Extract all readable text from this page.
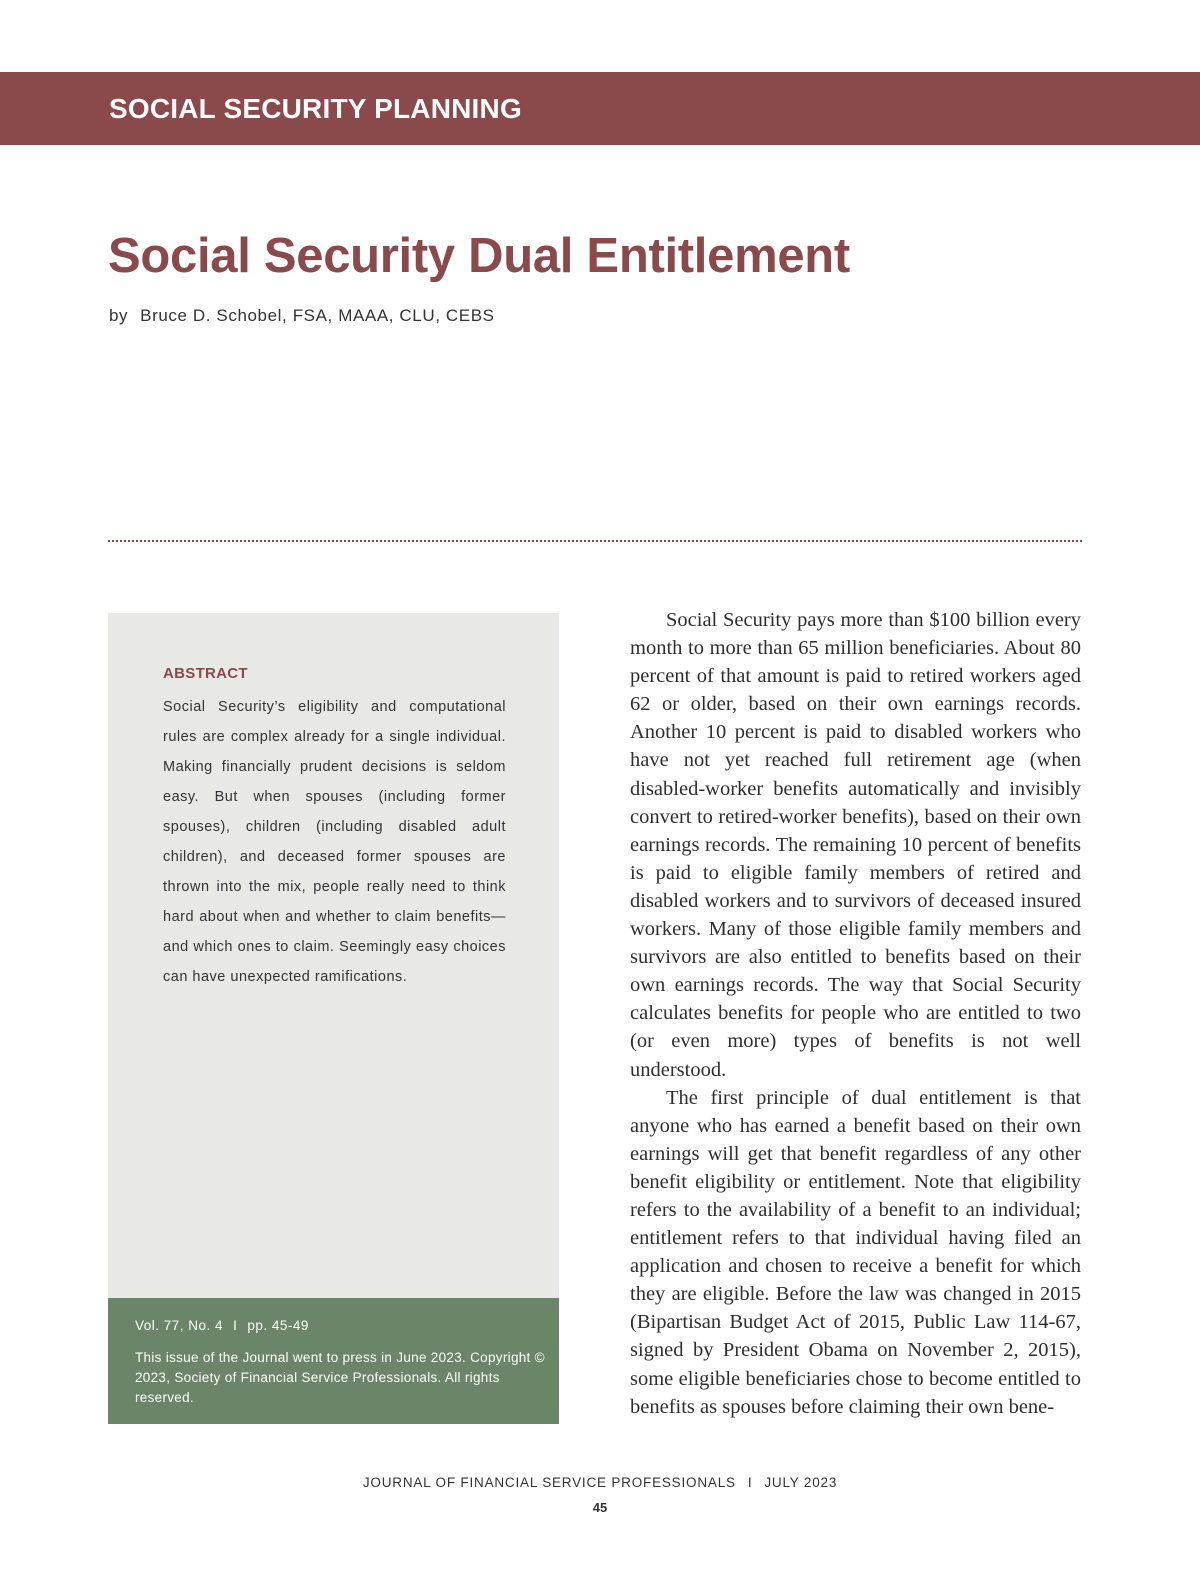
SOCIAL SECURITY PLANNING
Social Security Dual Entitlement
by Bruce D. Schobel, FSA, MAAA, CLU, CEBS
ABSTRACT

Social Security’s eligibility and computational rules are complex already for a single individual. Making financially prudent decisions is seldom easy. But when spouses (including former spouses), children (including disabled adult children), and deceased former spouses are thrown into the mix, people really need to think hard about when and whether to claim benefits—and which ones to claim. Seemingly easy choices can have unexpected ramifications.

Vol. 77, No. 4 I pp. 45-49

This issue of the Journal went to press in June 2023. Copyright © 2023, Society of Financial Service Professionals. All rights reserved.

Social Security pays more than $100 billion every month to more than 65 million beneficiaries. About 80 percent of that amount is paid to retired workers aged 62 or older, based on their own earnings records. Another 10 percent is paid to disabled workers who have not yet reached full retirement age (when disabled-worker benefits automatically and invisibly convert to retired-worker benefits), based on their own earnings records. The remaining 10 percent of benefits is paid to eligible family members of retired and disabled workers and to survivors of deceased insured workers. Many of those eligible family members and survivors are also entitled to benefits based on their own earnings records. The way that Social Security calculates benefits for people who are entitled to two (or even more) types of benefits is not well understood.

The first principle of dual entitlement is that anyone who has earned a benefit based on their own earnings will get that benefit regardless of any other benefit eligibility or entitlement. Note that eligibility refers to the availability of a benefit to an individual; entitlement refers to that individual having filed an application and chosen to receive a benefit for which they are eligible. Before the law was changed in 2015 (Bipartisan Budget Act of 2015, Public Law 114-67, signed by President Obama on November 2, 2015), some eligible beneficiaries chose to become entitled to benefits as spouses before claiming their own bene-

JOURNAL OF FINANCIAL SERVICE PROFESSIONALS I JULY 2023
45
